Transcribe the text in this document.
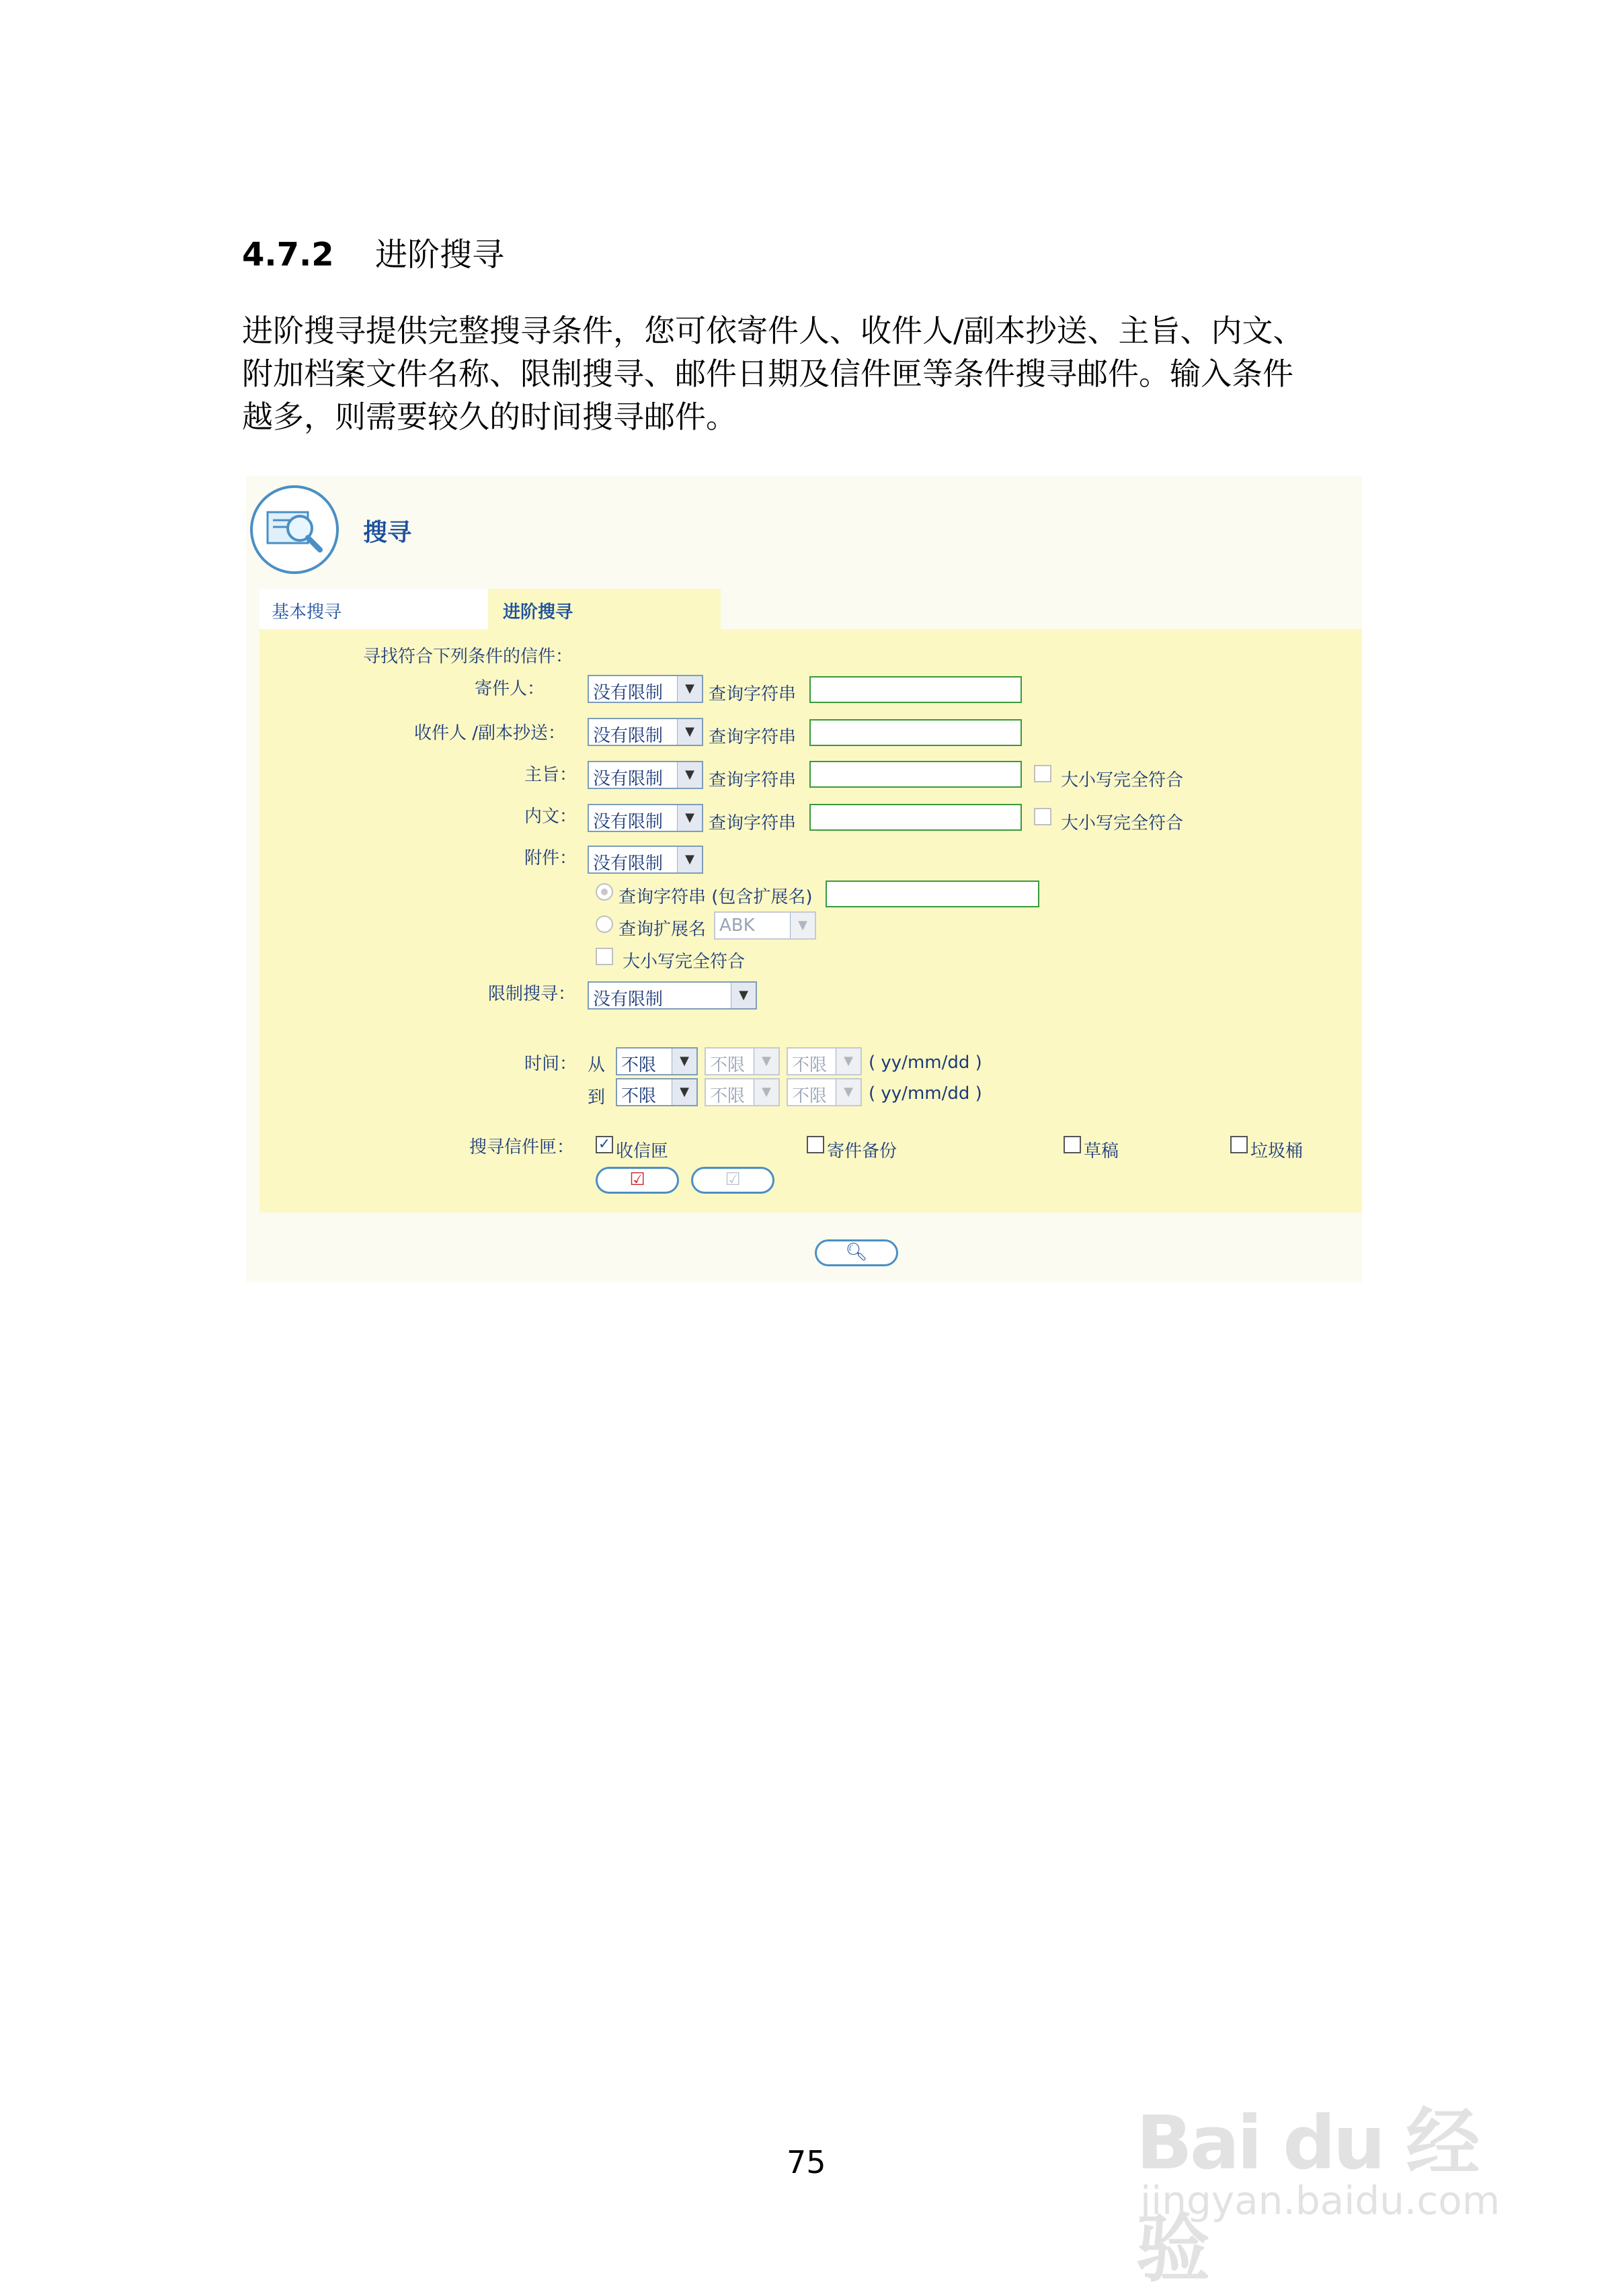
4.7.2 进阶搜寻
进阶搜寻提供完整搜寻条件，您可依寄件人、收件人/副本抄送、主旨、内文、
附加档案文件名称、限制搜寻、邮件日期及信件匣等条件搜寻邮件。输入条件
越多，则需要较久的时间搜寻邮件。
搜寻
基本搜寻	进阶搜寻
寻找符合下列条件的信件：
寄件人：	没有限制	▼ 查询字符串
收件人 /副本抄送：	没有限制	▼ 查询字符串
主旨： 没有限制	▼ 查询字符串	大小写完全符合
内文： 没有限制	▼ 查询字符串	大小写完全符合
附件： 没有限制	▼
查询字符串 (包含扩展名)
查询扩展名 ABK	▼
大小写完全符合
限制搜寻： 没有限制	▼
时间： 从 不限	▼	不限	▼	不限	▼ ( yy/mm/dd )
到 不限	▼	不限	▼	不限	▼ ( yy/mm/dd )
搜寻信件匣： ✓ 收信匣	寄件备份	草稿	垃圾桶
☑	☑
🔍︎
75	Bai du 经验
jingyan.baidu.com
